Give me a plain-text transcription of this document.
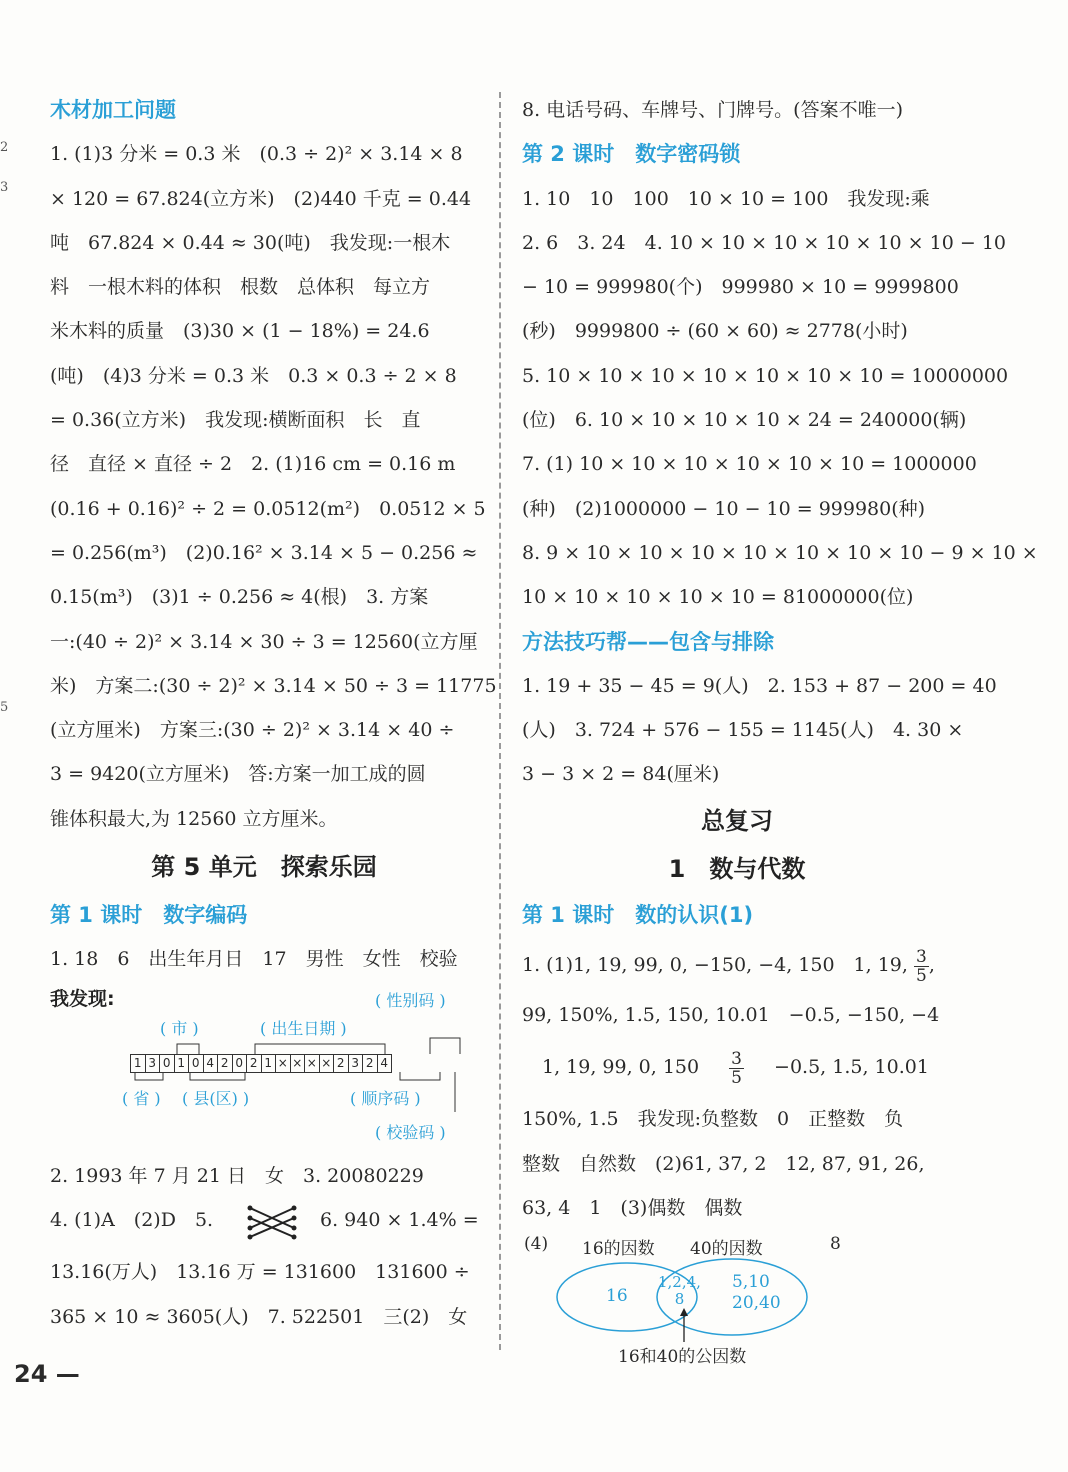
2
3
5
木材加工问题
1. (1)3 分米 = 0.3 米　(0.3 ÷ 2)² × 3.14 × 8
× 120 = 67.824(立方米)　(2)440 千克 = 0.44
吨　67.824 × 0.44 ≈ 30(吨)　我发现:一根木
料　一根木料的体积　根数　总体积　每立方
米木料的质量　(3)30 × (1 − 18%) = 24.6
(吨)　(4)3 分米 = 0.3 米　0.3 × 0.3 ÷ 2 × 8
= 0.36(立方米)　我发现:横断面积　长　直
径　直径 × 直径 ÷ 2　2. (1)16 cm = 0.16 m
(0.16 + 0.16)² ÷ 2 = 0.0512(m²)　0.0512 × 5
= 0.256(m³)　(2)0.16² × 3.14 × 5 − 0.256 ≈
0.15(m³)　(3)1 ÷ 0.256 ≈ 4(根)　3. 方案
一:(40 ÷ 2)² × 3.14 × 30 ÷ 3 = 12560(立方厘
米)　方案二:(30 ÷ 2)² × 3.14 × 50 ÷ 3 = 11775
(立方厘米)　方案三:(30 ÷ 2)² × 3.14 × 40 ÷
3 = 9420(立方厘米)　答:方案一加工成的圆
锥体积最大,为 12560 立方厘米。
第 5 单元　探索乐园
第 1 课时　数字编码
1. 18　6　出生年月日　17　男性　女性　校验
我发现:	( 性别码 )
( 市 )	( 出生日期 )
1 3 0 1 0 4 2 0 2 1 × × × × 2 3 2 4
( 省 ) ( 县(区) )	( 顺序码 )
( 校验码 )
2. 1993 年 7 月 21 日　女　3. 20080229
4. (1)A　(2)D　5.	6. 940 × 1.4% =
13.16(万人)　13.16 万 = 131600　131600 ÷
365 × 10 ≈ 3605(人)　7. 522501　三(2)　女
8. 电话号码、车牌号、门牌号。(答案不唯一)
第 2 课时　数字密码锁
1. 10　10　100　10 × 10 = 100　我发现:乘
2. 6　3. 24　4. 10 × 10 × 10 × 10 × 10 × 10 − 10
− 10 = 999980(个)　999980 × 10 = 9999800
(秒)　9999800 ÷ (60 × 60) ≈ 2778(小时)
5. 10 × 10 × 10 × 10 × 10 × 10 × 10 = 10000000
(位)　6. 10 × 10 × 10 × 10 × 24 = 240000(辆)
7. (1) 10 × 10 × 10 × 10 × 10 × 10 = 1000000
(种)　(2)1000000 − 10 − 10 = 999980(种)
8. 9 × 10 × 10 × 10 × 10 × 10 × 10 × 10 − 9 × 10 ×
10 × 10 × 10 × 10 × 10 = 81000000(位)
方法技巧帮——包含与排除
1. 19 + 35 − 45 = 9(人)　2. 153 + 87 − 200 = 40
(人)　3. 724 + 576 − 155 = 1145(人)　4. 30 ×
3 − 3 × 2 = 84(厘米)
总复习
1　数与代数
第 1 课时　数的认识(1)
1. (1)1, 19, 99, 0, −150, −4, 150　1, 19, $\frac{3}{5}$ ,
99, 150%, 1.5, 150, 10.01　−0.5, −150, −4
1, 19, 99, 0, $150 \frac{3}{5} -0.5$, 1.5, 10.01
150%, 1.5　我发现:负整数　0　正整数　负
整数　自然数　(2)61, 37, 2　12, 87, 91, 26,
63, 4　1　(3)偶数　偶数
(4) 16的因数 40的因数	8
16
1,2,4,
8
5,10
20,40
16和40的公因数
24 —
